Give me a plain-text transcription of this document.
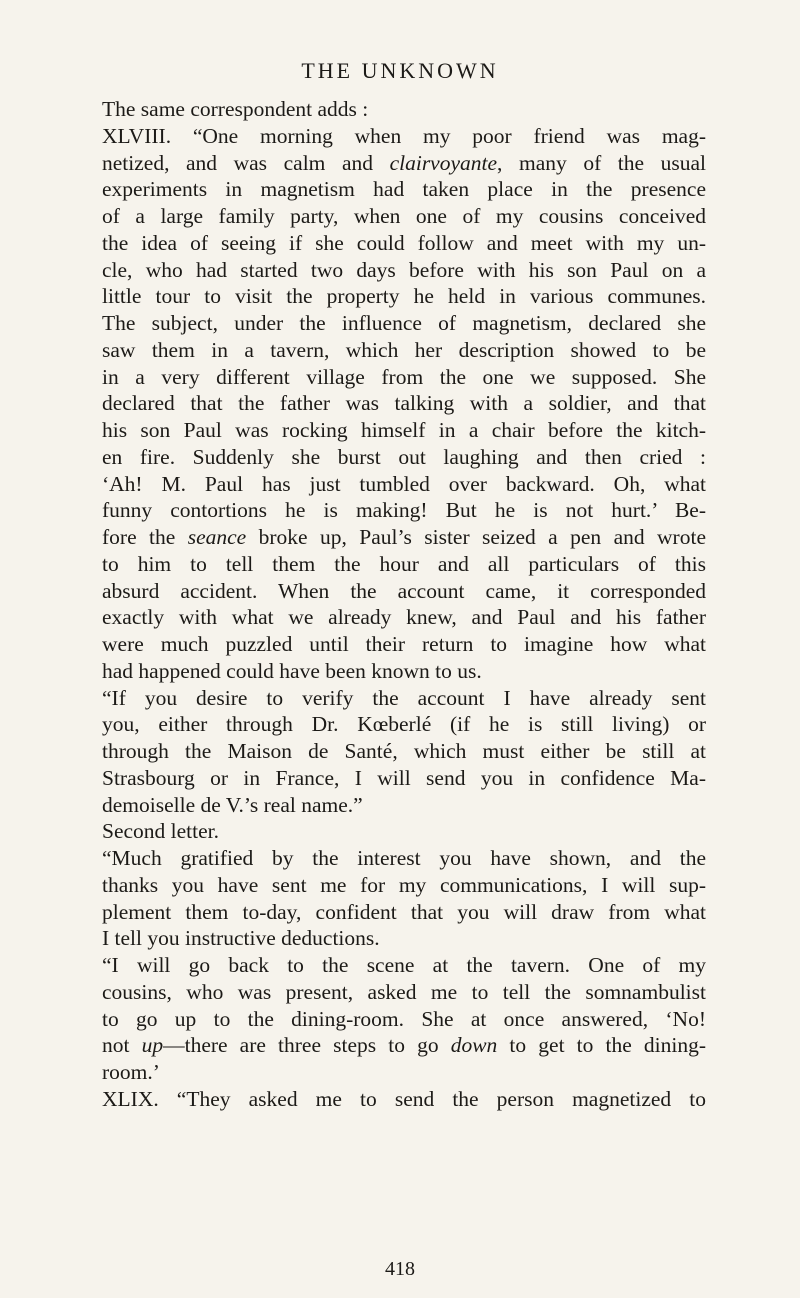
THE UNKNOWN
The same correspondent adds :
XLVIII. “One morning when my poor friend was mag-
netized, and was calm and clairvoyante, many of the usual
experiments in magnetism had taken place in the presence
of a large family party, when one of my cousins conceived
the idea of seeing if she could follow and meet with my un-
cle, who had started two days before with his son Paul on a
little tour to visit the property he held in various communes.
The subject, under the influence of magnetism, declared she
saw them in a tavern, which her description showed to be
in a very different village from the one we supposed. She
declared that the father was talking with a soldier, and that
his son Paul was rocking himself in a chair before the kitch-
en fire. Suddenly she burst out laughing and then cried :
‘Ah! M. Paul has just tumbled over backward. Oh, what
funny contortions he is making! But he is not hurt.’ Be-
fore the seance broke up, Paul’s sister seized a pen and wrote
to him to tell them the hour and all particulars of this
absurd accident. When the account came, it corresponded
exactly with what we already knew, and Paul and his father
were much puzzled until their return to imagine how what
had happened could have been known to us.
“If you desire to verify the account I have already sent
you, either through Dr. Kœberlé (if he is still living) or
through the Maison de Santé, which must either be still at
Strasbourg or in France, I will send you in confidence Ma-
demoiselle de V.’s real name.”
Second letter.
“Much gratified by the interest you have shown, and the
thanks you have sent me for my communications, I will sup-
plement them to-day, confident that you will draw from what
I tell you instructive deductions.
“I will go back to the scene at the tavern. One of my
cousins, who was present, asked me to tell the somnambulist
to go up to the dining-room. She at once answered, ‘No!
not up—there are three steps to go down to get to the dining-
room.’
XLIX. “They asked me to send the person magnetized to
418
